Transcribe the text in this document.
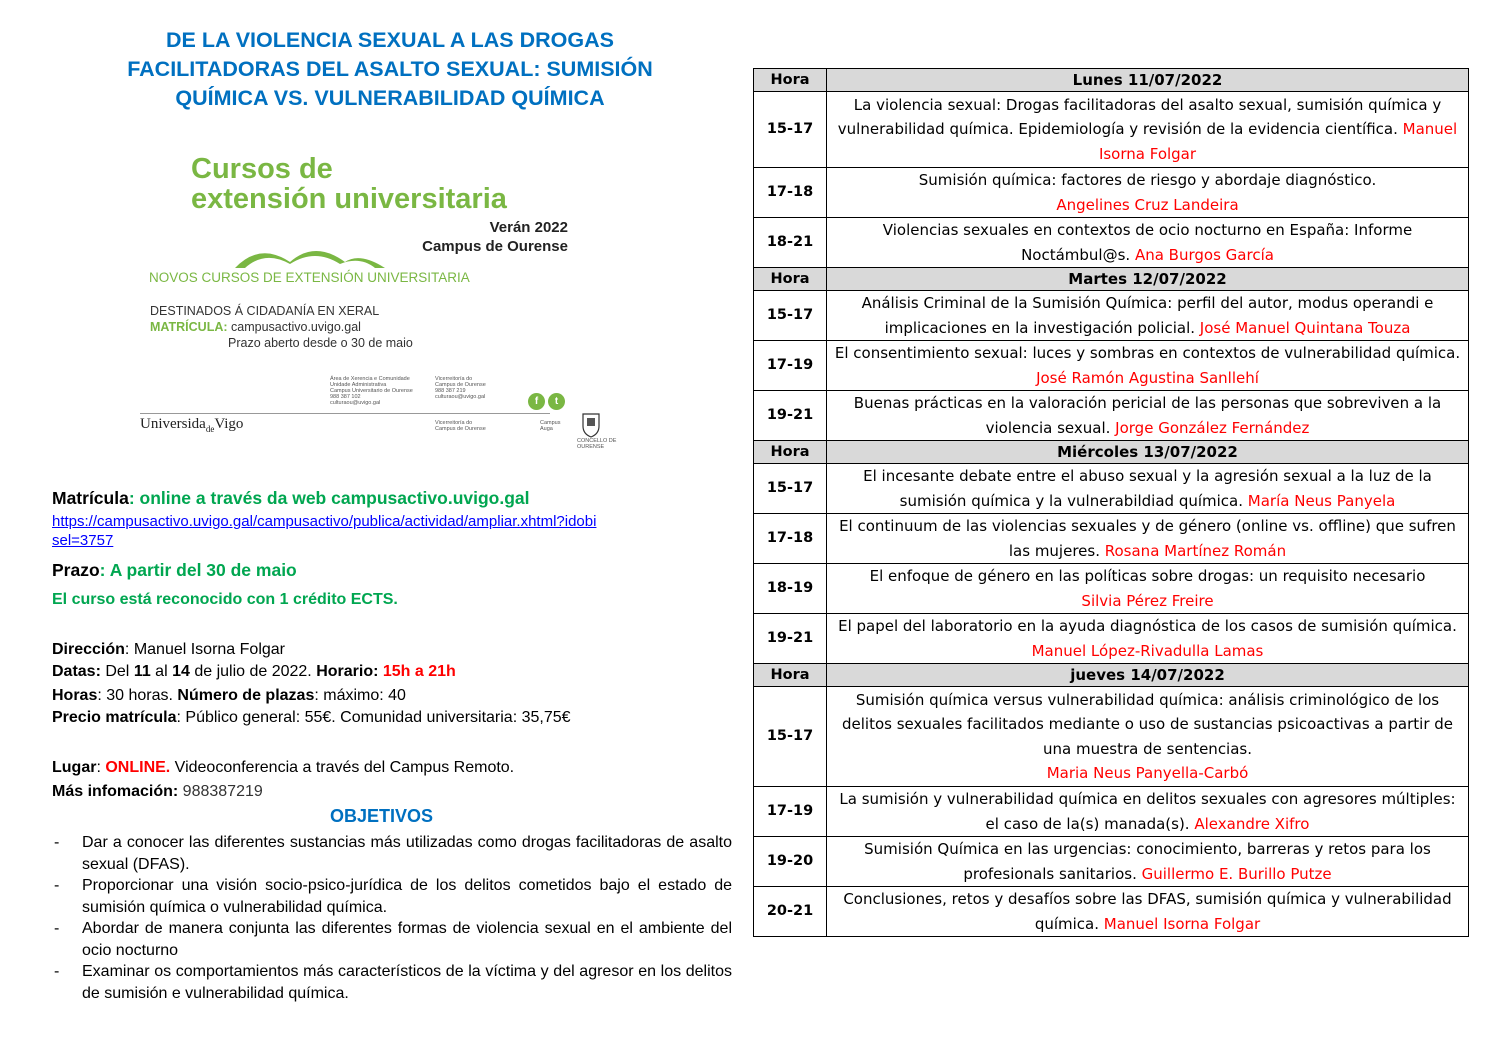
DE LA VIOLENCIA SEXUAL A LAS DROGAS
FACILITADORAS DEL ASALTO SEXUAL: SUMISIÓN
QUÍMICA VS. VULNERABILIDAD QUÍMICA
Cursos de
extensión universitaria
Verán 2022
Campus de Ourense
NOVOS CURSOS DE EXTENSIÓN UNIVERSITARIA
DESTINADOS Á CIDADANÍA EN XERAL
MATRÍCULA: campusactivo.uvigo.gal
Prazo aberto desde o 30 de maio
Área de Xerencia e Comunidade
Unidade Administrativa
Campus Universitario de Ourense
988 387 102
culturaou@uvigo.gal
Vicerreitoría do
Campus de Ourense
988 387 219
culturaou@uvigo.gal
Vicerreitoría do
Campus de Ourense
Campus
Auga
f	t
Universida$_{de}$Vigo
CONCELLO DE OURENSE
Matrícula: online a través da web campusactivo.uvigo.gal
https://campusactivo.uvigo.gal/campusactivo/publica/actividad/ampliar.xhtml?idobi
sel=3757
Prazo: A partir del 30 de maio
El curso está reconocido con 1 crédito ECTS.
Dirección: Manuel Isorna Folgar
Datas: Del 11 al 14 de julio de 2022. Horario: 15h a 21h
Horas: 30 horas. Número de plazas: máximo: 40
Precio matrícula: Público general: 55€. Comunidad universitaria: 35,75€
Lugar: ONLINE. Videoconferencia a través del Campus Remoto.
Más infomación: 988387219
OBJETIVOS
- Dar a conocer las diferentes sustancias más utilizadas como drogas facilitadoras de asalto sexual (DFAS).
- Proporcionar una visión socio-psico-jurídica de los delitos cometidos bajo el estado de sumisión química o vulnerabilidad química.
- Abordar de manera conjunta las diferentes formas de violencia sexual en el ambiente del ocio nocturno
- Examinar os comportamientos más característicos de la víctima y del agresor en los delitos de sumisión e vulnerabilidad química.
Hora	Lunes 11/07/2022
15-17	La violencia sexual: Drogas facilitadoras del asalto sexual, sumisión química y vulnerabilidad química. Epidemiología y revisión de la evidencia científica. Manuel Isorna Folgar
17-18	Sumisión química: factores de riesgo y abordaje diagnóstico.
Angelines Cruz Landeira

18-21	Violencias sexuales en contextos de ocio nocturno en España: Informe Noctámbul@s. Ana Burgos García
Hora	Martes 12/07/2022
15-17	Análisis Criminal de la Sumisión Química: perfil del autor, modus operandi e implicaciones en la investigación policial. José Manuel Quintana Touza
17-19	El consentimiento sexual: luces y sombras en contextos de vulnerabilidad química. José Ramón Agustina Sanllehí
19-21	Buenas prácticas en la valoración pericial de las personas que sobreviven a la violencia sexual. Jorge González Fernández
Hora	Miércoles 13/07/2022
15-17	El incesante debate entre el abuso sexual y la agresión sexual a la luz de la sumisión química y la vulnerabildiad química. María Neus Panyela
17-18	El continuum de las violencias sexuales y de género (online vs. offline) que sufren las mujeres. Rosana Martínez Román
18-19	El enfoque de género en las políticas sobre drogas: un requisito necesario
Silvia Pérez Freire

19-21	El papel del laboratorio en la ayuda diagnóstica de los casos de sumisión química. Manuel López-Rivadulla Lamas
Hora	jueves 14/07/2022
15-17	Sumisión química versus vulnerabilidad química: análisis criminológico de los delitos sexuales facilitados mediante o uso de sustancias psicoactivas a partir de una muestra de sentencias.
Maria Neus Panyella-Carbó

17-19	La sumisión y vulnerabilidad química en delitos sexuales con agresores múltiples: el caso de la(s) manada(s). Alexandre Xifro
19-20	Sumisión Química en las urgencias: conocimiento, barreras y retos para los profesionals sanitarios. Guillermo E. Burillo Putze
20-21	Conclusiones, retos y desafíos sobre las DFAS, sumisión química y vulnerabilidad química. Manuel Isorna Folgar
